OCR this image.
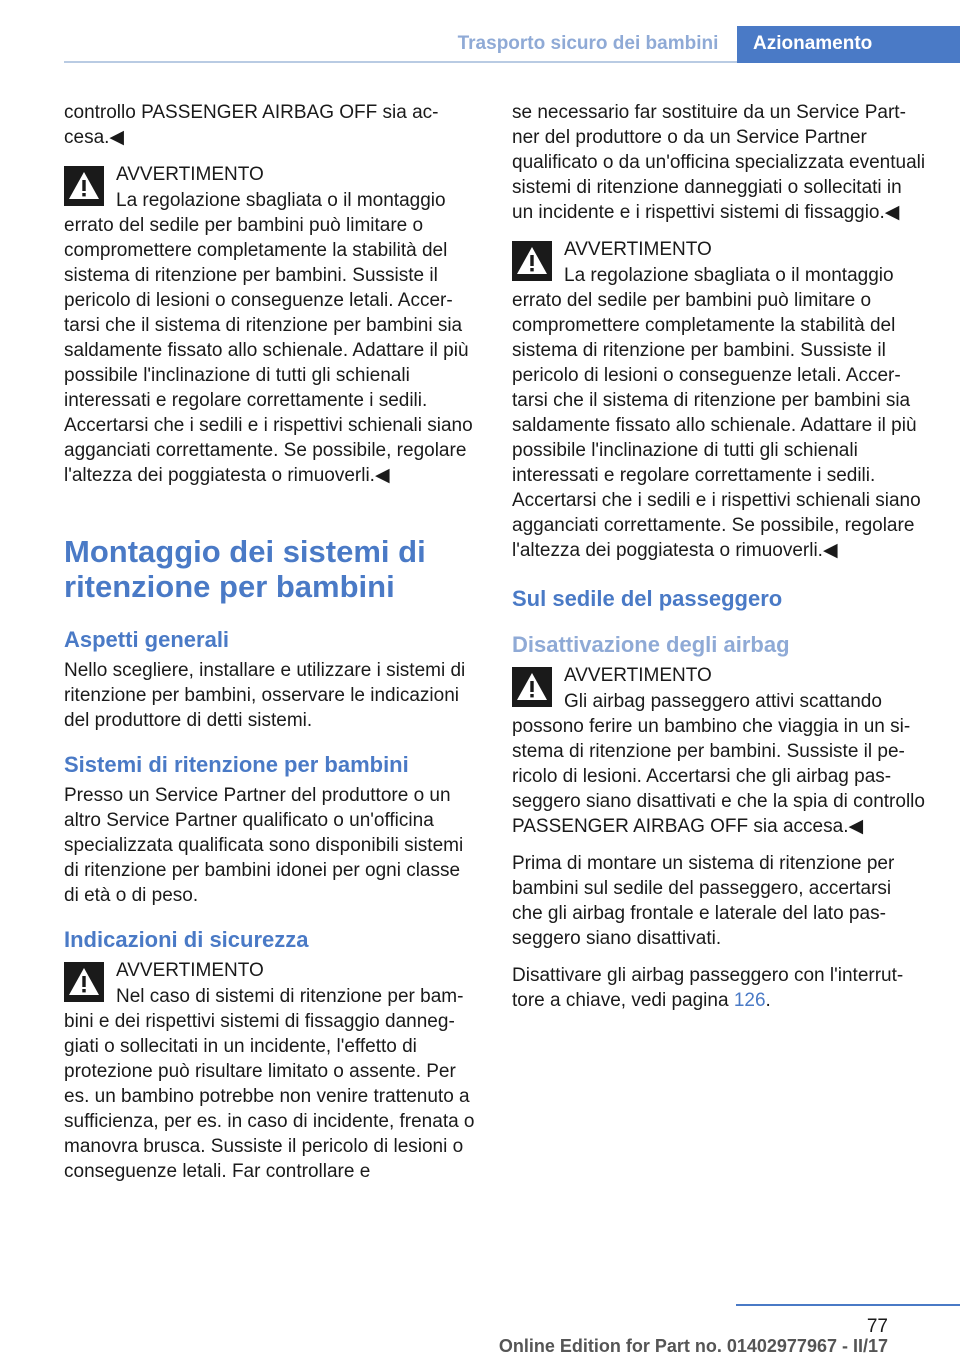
Trasporto sicuro dei bambini	Azionamento

controllo PASSENGER AIRBAG OFF sia accesa.◀

AVVERTIMENTO
La regolazione sbagliata o il montaggio errato del sedile per bambini può limitare o compromettere completamente la stabilità del sistema di ritenzione per bambini. Sussiste il pericolo di lesioni o conseguenze letali. Accertarsi che il sistema di ritenzione per bambini sia saldamente fissato allo schienale. Adattare il più possibile l'inclinazione di tutti gli schienali interessati e regolare correttamente i sedili. Accertarsi che i sedili e i rispettivi schienali siano agganciati correttamente. Se possibile, regolare l'altezza dei poggiatesta o rimuoverli.◀
Montaggio dei sistemi di ritenzione per bambini
Aspetti generali

Nello scegliere, installare e utilizzare i sistemi di ritenzione per bambini, osservare le indicazioni del produttore di detti sistemi.

Sistemi di ritenzione per bambini

Presso un Service Partner del produttore o un altro Service Partner qualificato o un'officina specializzata qualificata sono disponibili sistemi di ritenzione per bambini idonei per ogni classe di età o di peso.

Indicazioni di sicurezza
AVVERTIMENTO
Nel caso di sistemi di ritenzione per bambini e dei rispettivi sistemi di fissaggio danneggiati o sollecitati in un incidente, l'effetto di protezione può risultare limitato o assente. Per es. un bambino potrebbe non venire trattenuto a sufficienza, per es. in caso di incidente, frenata o manovra brusca. Sussiste il pericolo di lesioni o conseguenze letali. Far controllare e

se necessario far sostituire da un Service Partner del produttore o da un Service Partner qualificato o da un'officina specializzata eventuali sistemi di ritenzione danneggiati o sollecitati in un incidente e i rispettivi sistemi di fissaggio.◀

AVVERTIMENTO
La regolazione sbagliata o il montaggio errato del sedile per bambini può limitare o compromettere completamente la stabilità del sistema di ritenzione per bambini. Sussiste il pericolo di lesioni o conseguenze letali. Accertarsi che il sistema di ritenzione per bambini sia saldamente fissato allo schienale. Adattare il più possibile l'inclinazione di tutti gli schienali interessati e regolare correttamente i sedili. Accertarsi che i sedili e i rispettivi schienali siano agganciati correttamente. Se possibile, regolare l'altezza dei poggiatesta o rimuoverli.◀
Sul sedile del passeggero
Disattivazione degli airbag
AVVERTIMENTO
Gli airbag passeggero attivi scattando possono ferire un bambino che viaggia in un sistema di ritenzione per bambini. Sussiste il pericolo di lesioni. Accertarsi che gli airbag passeggero siano disattivati e che la spia di controllo PASSENGER AIRBAG OFF sia accesa.◀

Prima di montare un sistema di ritenzione per bambini sul sedile del passeggero, accertarsi che gli airbag frontale e laterale del lato passeggero siano disattivati.

Disattivare gli airbag passeggero con l'interruttore a chiave, vedi pagina 126.

77
Online Edition for Part no. 01402977967 - II/17
